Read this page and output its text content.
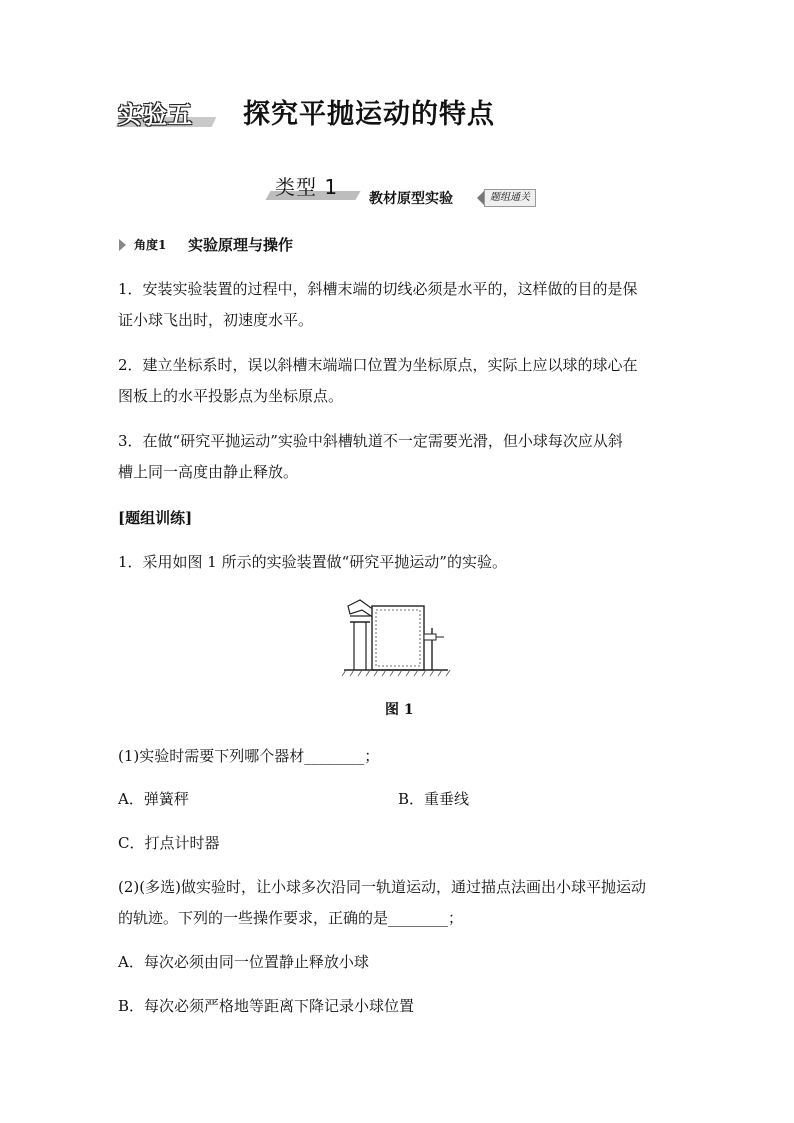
实验五	探究平抛运动的特点
类型 1 教材原型实验	题组通关
角度1 实验原理与操作
1．安装实验装置的过程中，斜槽末端的切线必须是水平的，这样做的目的是保
证小球飞出时，初速度水平。
2．建立坐标系时，误以斜槽末端端口位置为坐标原点，实际上应以球的球心在
图板上的水平投影点为坐标原点。
3．在做“研究平抛运动”实验中斜槽轨道不一定需要光滑，但小球每次应从斜
槽上同一高度由静止释放。
[题组训练]
1．采用如图 1 所示的实验装置做“研究平抛运动”的实验。
图 1
(1)实验时需要下列哪个器材________；
A．弹簧秤	B．重垂线
C．打点计时器
(2)(多选)做实验时，让小球多次沿同一轨道运动，通过描点法画出小球平抛运动
的轨迹。下列的一些操作要求，正确的是________；
A．每次必须由同一位置静止释放小球
B．每次必须严格地等距离下降记录小球位置
